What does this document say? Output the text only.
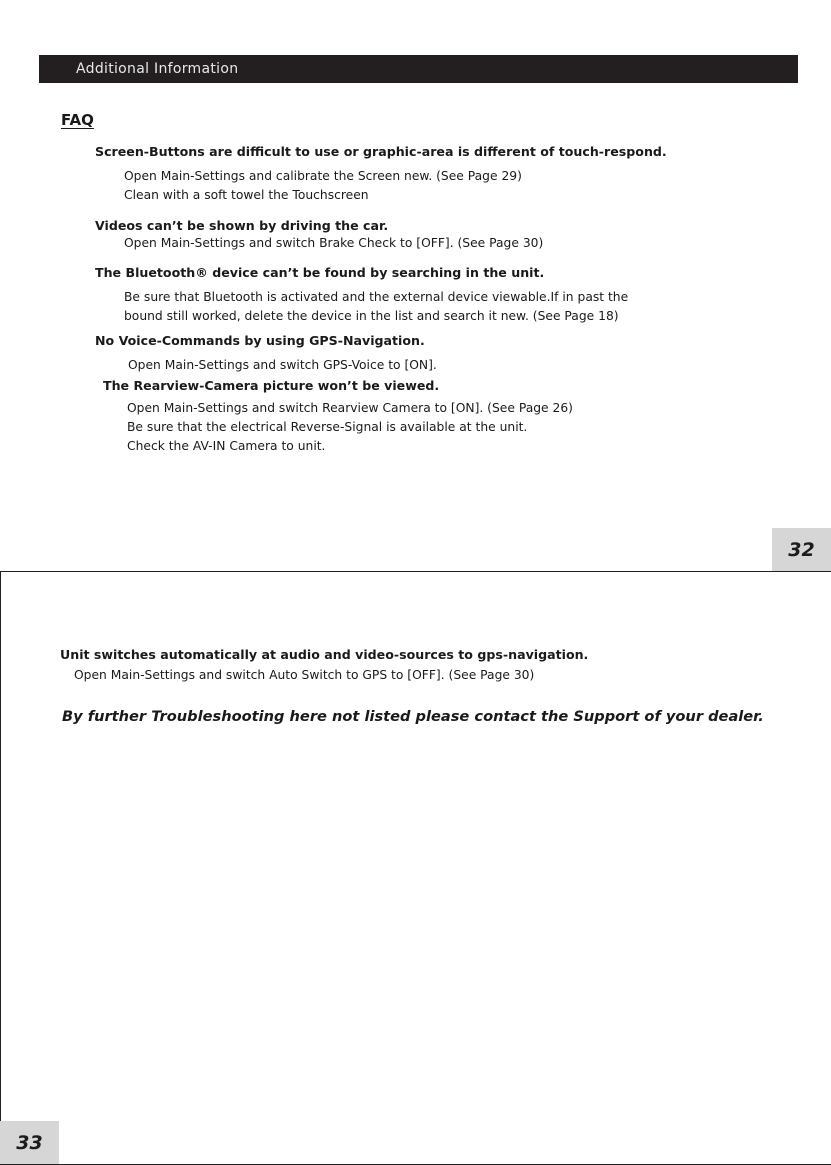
Additional Information
FAQ
Screen-Buttons are difficult to use or graphic-area is different of touch-respond.
Open Main-Settings and calibrate the Screen new. (See Page 29)
Clean with a soft towel the Touchscreen
Videos can’t be shown by driving the car.
Open Main-Settings and switch Brake Check to [OFF]. (See Page 30)
The Bluetooth® device can’t be found by searching in the unit.
Be sure that Bluetooth is activated and the external device viewable.If in past the
bound still worked, delete the device in the list and search it new. (See Page 18)
No Voice-Commands by using GPS-Navigation.
Open Main-Settings and switch GPS-Voice to [ON].
The Rearview-Camera picture won’t be viewed.
Open Main-Settings and switch Rearview Camera to [ON]. (See Page 26)
Be sure that the electrical Reverse-Signal is available at the unit.
Check the AV-IN Camera to unit.
32
Unit switches automatically at audio and video-sources to gps-navigation.
Open Main-Settings and switch Auto Switch to GPS to [OFF]. (See Page 30)
By further Troubleshooting here not listed please contact the Support of your dealer.
33
